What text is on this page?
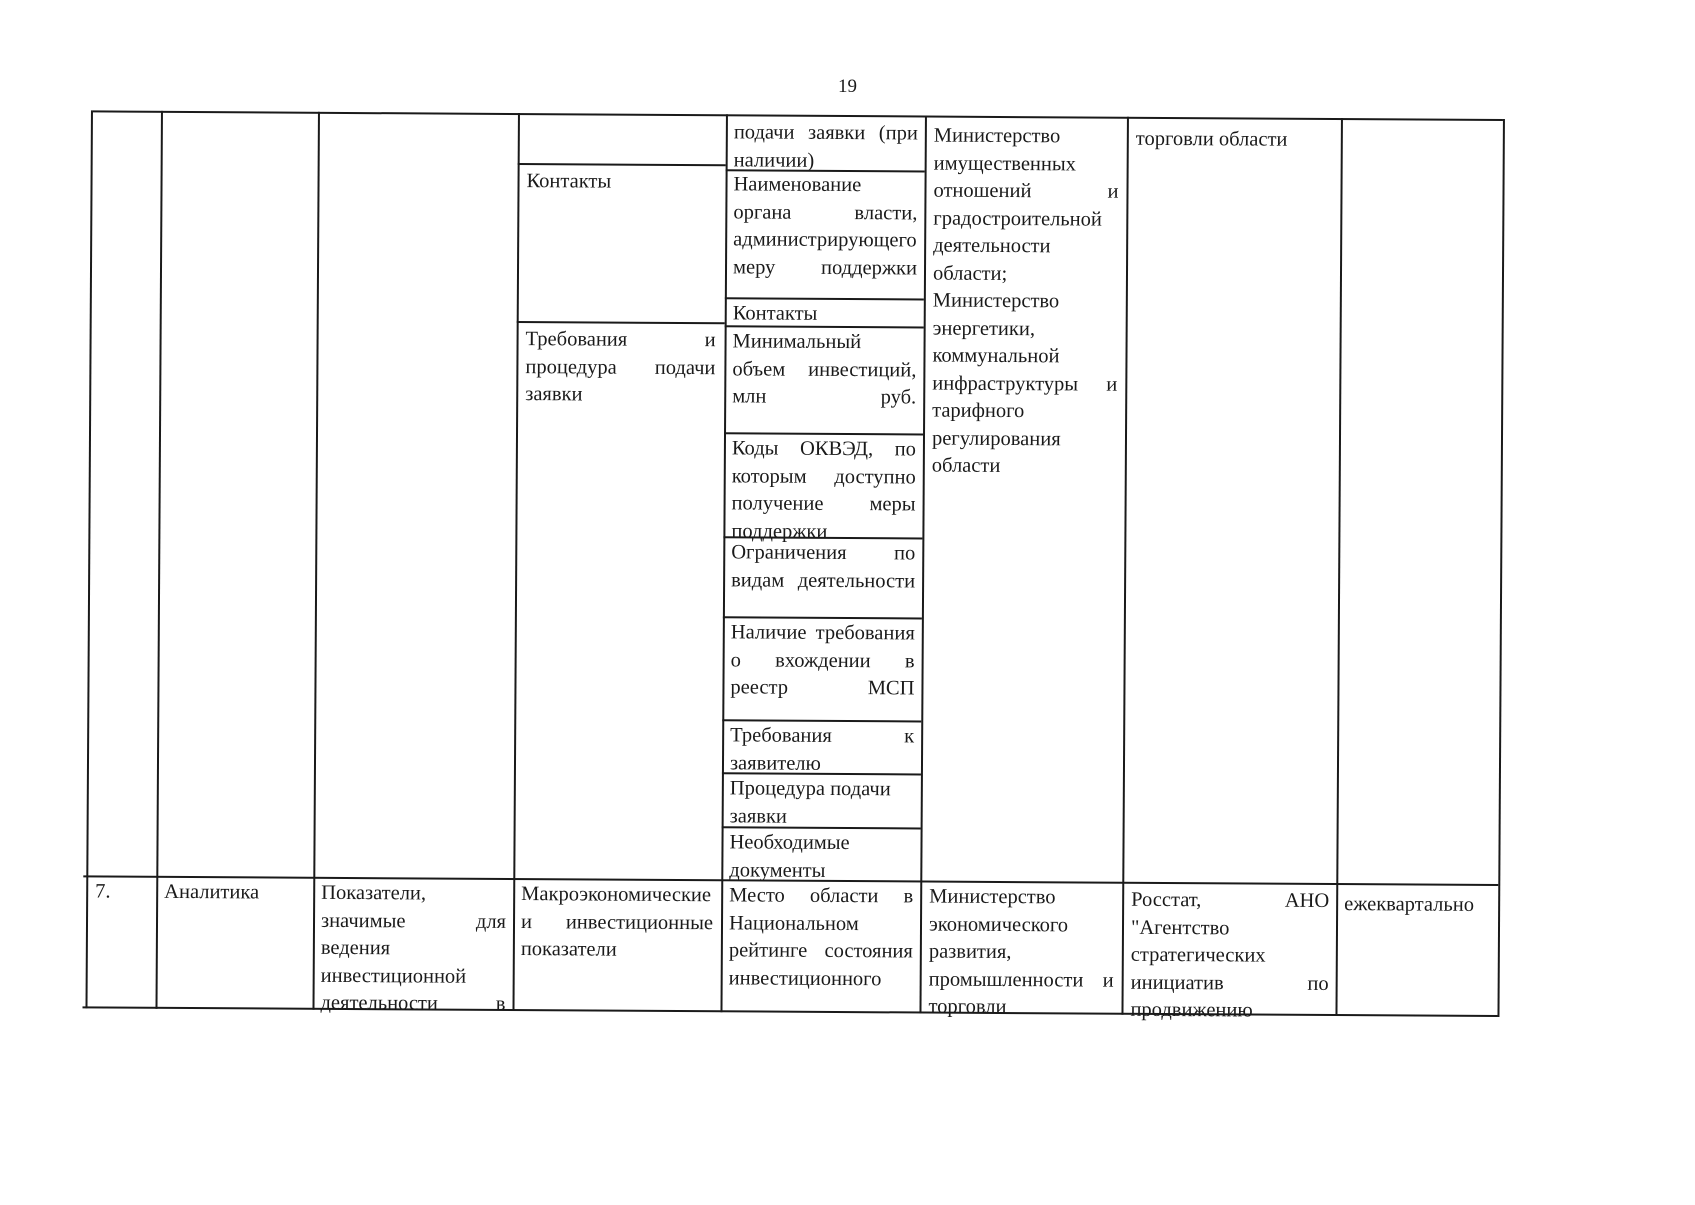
19
Контакты
Требования и процедура подачи заявки
подачи заявки (при наличии)
Наименование органа власти, администрирующего меру поддержки
Контакты
Минимальный объем инвестиций, млн руб.
Коды ОКВЭД, по которым доступно получение меры поддержки
Ограничения по видам деятельности
Наличие требования о вхождении в реестр МСП
Требования к заявителю
Процедура подачи заявки
Необходимые документы
Министерство имущественных отношений и градостроительной деятельности области; Министерство энергетики, коммунальной инфраструктуры и тарифного регулирования области
торговли области
7.	Аналитика	Показатели, значимые для ведения инвестиционной деятельности в
Макроэкономические и инвестиционные показатели
Место области в Национальном рейтинге состояния инвестиционного
Министерство экономического развития, промышленности и торговли
Росстат, АНО "Агентство стратегических инициатив по продвижению
ежеквартально
